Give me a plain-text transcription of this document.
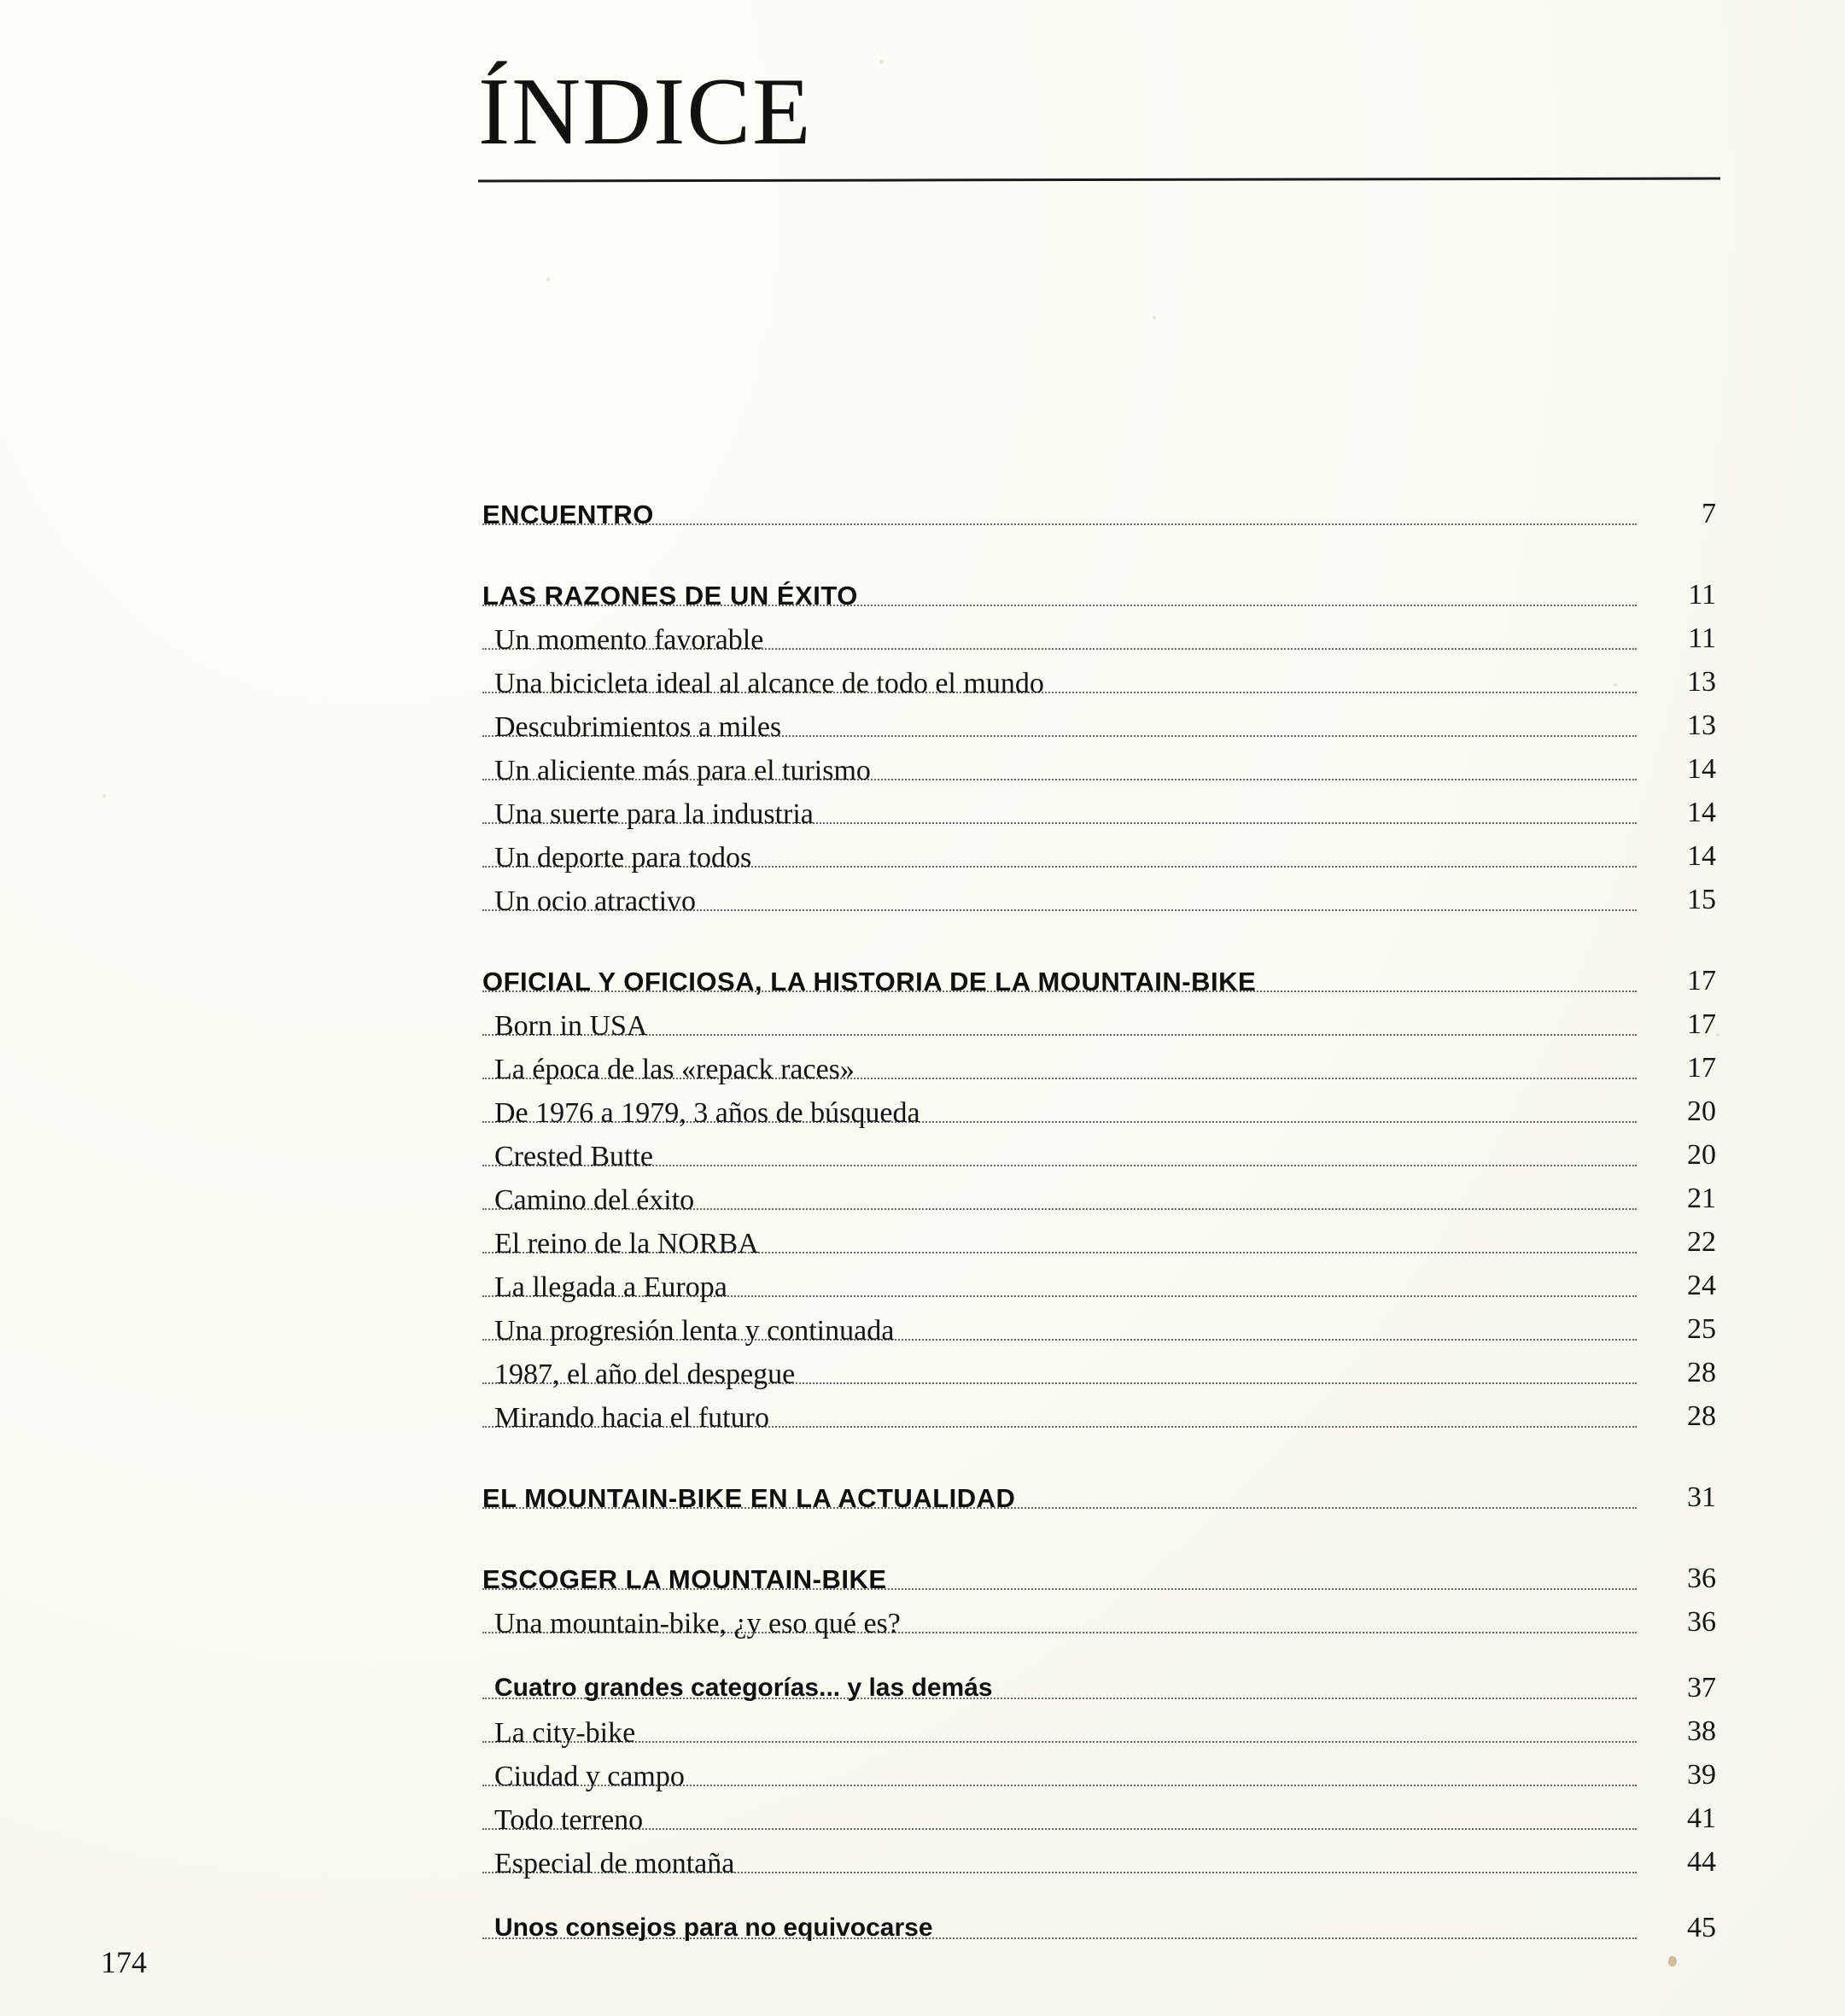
ÍNDICE
ENCUENTRO	7
LAS RAZONES DE UN ÉXITO	11
Un momento favorable	11
Una bicicleta ideal al alcance de todo el mundo	13
Descubrimientos a miles	13
Un aliciente más para el turismo	14
Una suerte para la industria	14
Un deporte para todos	14
Un ocio atractivo	15
OFICIAL Y OFICIOSA, LA HISTORIA DE LA MOUNTAIN-BIKE	17
Born in USA	17
La época de las «repack races»	17
De 1976 a 1979, 3 años de búsqueda	20
Crested Butte	20
Camino del éxito	21
El reino de la NORBA	22
La llegada a Europa	24
Una progresión lenta y continuada	25
1987, el año del despegue	28
Mirando hacia el futuro	28
EL MOUNTAIN-BIKE EN LA ACTUALIDAD	31
ESCOGER LA MOUNTAIN-BIKE	36
Una mountain-bike, ¿y eso qué es?	36
Cuatro grandes categorías... y las demás	37
La city-bike	38
Ciudad y campo	39
Todo terreno	41
Especial de montaña	44
Unos consejos para no equivocarse	45
174
